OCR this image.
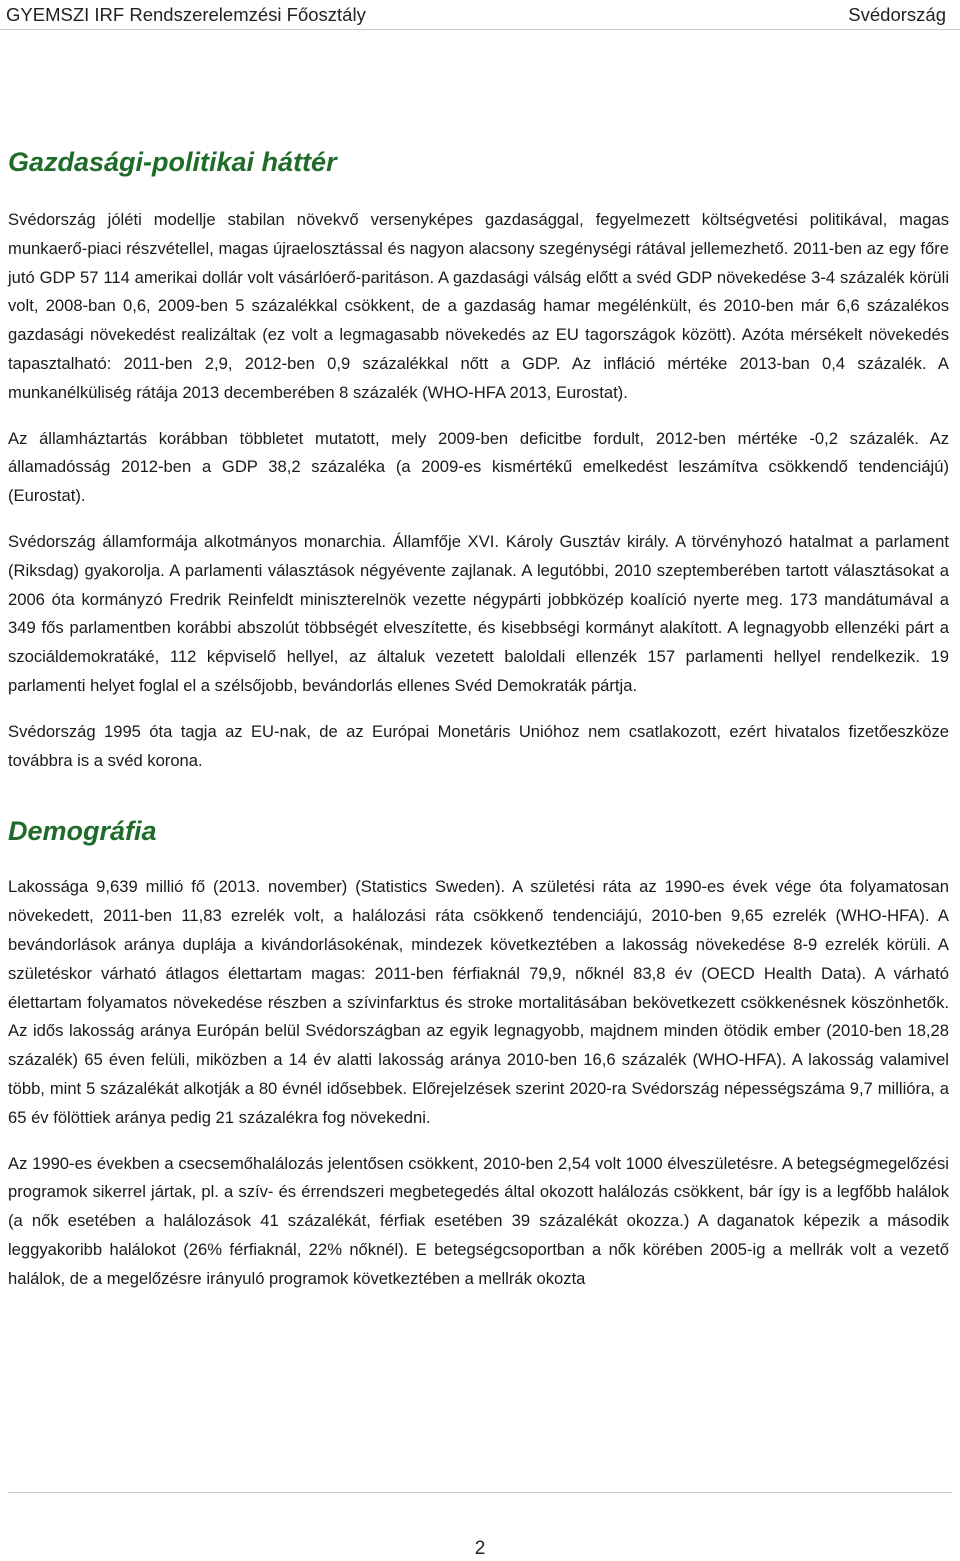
GYEMSZI IRF Rendszerelemzési Főosztály	Svédország
Gazdasági-politikai háttér

Svédország jóléti modellje stabilan növekvő versenyképes gazdasággal, fegyelmezett költségvetési politikával, magas munkaerő-piaci részvétellel, magas újraelosztással és nagyon alacsony szegénységi rátával jellemezhető. 2011-ben az egy főre jutó GDP 57 114 amerikai dollár volt vásárlóerő-paritáson. A gazdasági válság előtt a svéd GDP növekedése 3-4 százalék körüli volt, 2008-ban 0,6, 2009-ben 5 százalékkal csökkent, de a gazdaság hamar megélénkült, és 2010-ben már 6,6 százalékos gazdasági növekedést realizáltak (ez volt a legmagasabb növekedés az EU tagországok között). Azóta mérsékelt növekedés tapasztalható: 2011-ben 2,9, 2012-ben 0,9 százalékkal nőtt a GDP. Az infláció mértéke 2013-ban 0,4 százalék. A munkanélküliség rátája 2013 decemberében 8 százalék (WHO-HFA 2013, Eurostat).

Az államháztartás korábban többletet mutatott, mely 2009-ben deficitbe fordult, 2012-ben mértéke -0,2 százalék. Az államadósság 2012-ben a GDP 38,2 százaléka (a 2009-es kismértékű emelkedést leszámítva csökkendő tendenciájú) (Eurostat).

Svédország államformája alkotmányos monarchia. Államfője XVI. Károly Gusztáv király. A törvényhozó hatalmat a parlament (Riksdag) gyakorolja. A parlamenti választások négyévente zajlanak. A legutóbbi, 2010 szeptemberében tartott választásokat a 2006 óta kormányzó Fredrik Reinfeldt miniszterelnök vezette négypárti jobbközép koalíció nyerte meg. 173 mandátumával a 349 fős parlamentben korábbi abszolút többségét elveszítette, és kisebbségi kormányt alakított. A legnagyobb ellenzéki párt a szociáldemokratáké, 112 képviselő hellyel, az általuk vezetett baloldali ellenzék 157 parlamenti hellyel rendelkezik. 19 parlamenti helyet foglal el a szélsőjobb, bevándorlás ellenes Svéd Demokraták pártja.

Svédország 1995 óta tagja az EU-nak, de az Európai Monetáris Unióhoz nem csatlakozott, ezért hivatalos fizetőeszköze továbbra is a svéd korona.

Demográfia

Lakossága 9,639 millió fő (2013. november) (Statistics Sweden). A születési ráta az 1990-es évek vége óta folyamatosan növekedett, 2011-ben 11,83 ezrelék volt, a halálozási ráta csökkenő tendenciájú, 2010-ben 9,65 ezrelék (WHO-HFA). A bevándorlások aránya duplája a kivándorlásokénak, mindezek következtében a lakosság növekedése 8-9 ezrelék körüli. A születéskor várható átlagos élettartam magas: 2011-ben férfiaknál 79,9, nőknél 83,8 év (OECD Health Data). A várható élettartam folyamatos növekedése részben a szívinfarktus és stroke mortalitásában bekövetkezett csökkenésnek köszönhetők. Az idős lakosság aránya Európán belül Svédországban az egyik legnagyobb, majdnem minden ötödik ember (2010-ben 18,28 százalék) 65 éven felüli, miközben a 14 év alatti lakosság aránya 2010-ben 16,6 százalék (WHO-HFA). A lakosság valamivel több, mint 5 százalékát alkotják a 80 évnél idősebbek. Előrejelzések szerint 2020-ra Svédország népességszáma 9,7 millióra, a 65 év fölöttiek aránya pedig 21 százalékra fog növekedni.

Az 1990-es években a csecsemőhalálozás jelentősen csökkent, 2010-ben 2,54 volt 1000 élveszületésre. A betegségmegelőzési programok sikerrel jártak, pl. a szív- és érrendszeri megbetegedés által okozott halálozás csökkent, bár így is a legfőbb halálok (a nők esetében a halálozások 41 százalékát, férfiak esetében 39 százalékát okozza.) A daganatok képezik a második leggyakoribb halálokot (26% férfiaknál, 22% nőknél). E betegségcsoportban a nők körében 2005-ig a mellrák volt a vezető halálok, de a megelőzésre irányuló programok következtében a mellrák okozta

2
